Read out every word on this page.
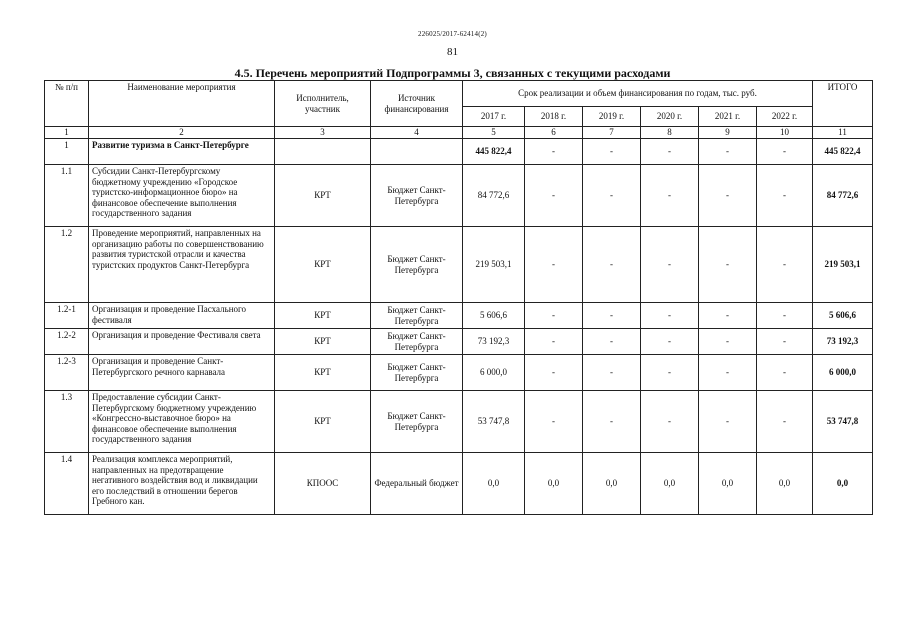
226025/2017-62414(2)
81
4.5. Перечень мероприятий Подпрограммы 3, связанных с текущими расходами
№ п/п	Наименование мероприятия	Исполнитель, участник	Источник финансирования	Срок реализации и объем финансирования по годам, тыс. руб.						ИТОГО
				2017 г.	2018 г.	2019 г.	2020 г.	2021 г.	2022 г.	
1	2	3	4	5	6	7	8	9	10	11
1	Развитие туризма в Санкт-Петербурге			445 822,4	-	-	-	-	-	445 822,4
1.1	Субсидии Санкт-Петербургскому бюджетному учреждению «Городское туристско-информационное бюро» на финансовое обеспечение выполнения государственного задания	КРТ	Бюджет Санкт-Петербурга	84 772,6	-	-	-	-	-	84 772,6
1.2	Проведение мероприятий, направленных на организацию работы по совершенствованию развития туристской отрасли и качества туристских продуктов Санкт-Петербурга	КРТ	Бюджет Санкт-Петербурга	219 503,1	-	-	-	-	-	219 503,1
1.2-1	Организация и проведение Пасхального фестиваля	КРТ	Бюджет Санкт-Петербурга	5 606,6	-	-	-	-	-	5 606,6
1.2-2	Организация и проведение Фестиваля света	КРТ	Бюджет Санкт-Петербурга	73 192,3	-	-	-	-	-	73 192,3
1.2-3	Организация и проведение Санкт-Петербургского речного карнавала	КРТ	Бюджет Санкт-Петербурга	6 000,0	-	-	-	-	-	6 000,0
1.3	Предоставление субсидии Санкт-Петербургскому бюджетному учреждению «Конгрессно-выставочное бюро» на финансовое обеспечение выполнения государственного задания	КРТ	Бюджет Санкт-Петербурга	53 747,8	-	-	-	-	-	53 747,8
1.4	Реализация комплекса мероприятий, направленных на предотвращение негативного воздействия вод и ликвидации его последствий в отношении берегов Гребного кан.	КПООС	Федеральный бюджет	0,0	0,0	0,0	0,0	0,0	0,0	0,0
